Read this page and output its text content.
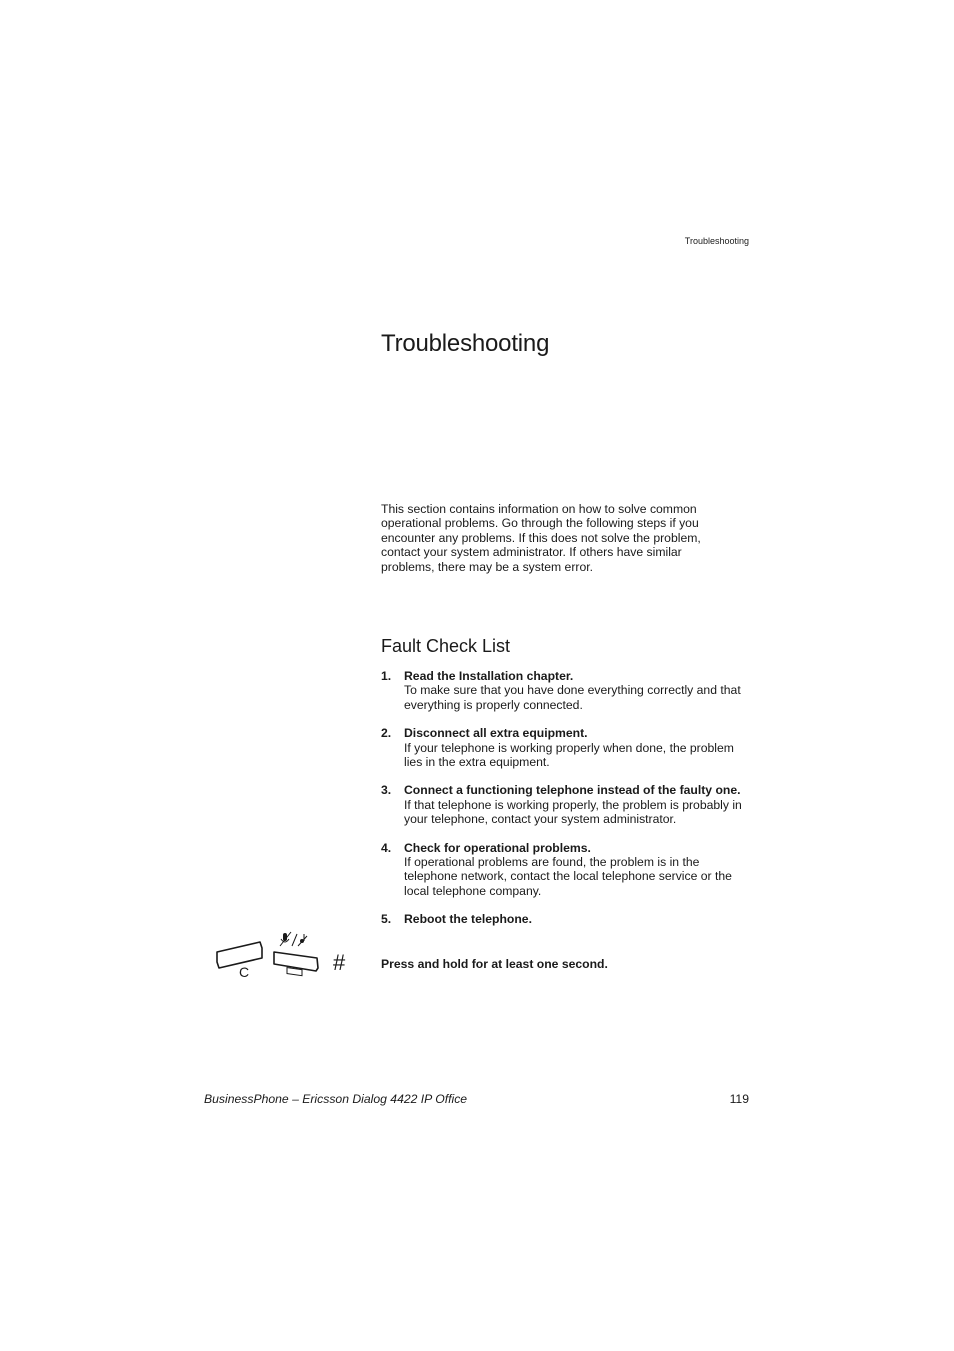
Troubleshooting
Troubleshooting
This section contains information on how to solve common operational problems. Go through the following steps if you encounter any problems. If this does not solve the problem, contact your system administrator. If others have similar problems, there may be a system error.
Fault Check List
1. Read the Installation chapter.
To make sure that you have done everything correctly and that everything is properly connected.
2. Disconnect all extra equipment.
If your telephone is working properly when done, the problem lies in the extra equipment.
3. Connect a functioning telephone instead of the faulty one.
If that telephone is working properly, the problem is probably in your telephone, contact your system administrator.
4. Check for operational problems.
If operational problems are found, the problem is in the telephone network, contact the local telephone service or the local telephone company.
5. Reboot the telephone.
C	#	Press and hold for at least one second.
BusinessPhone – Ericsson Dialog 4422 IP Office	119
